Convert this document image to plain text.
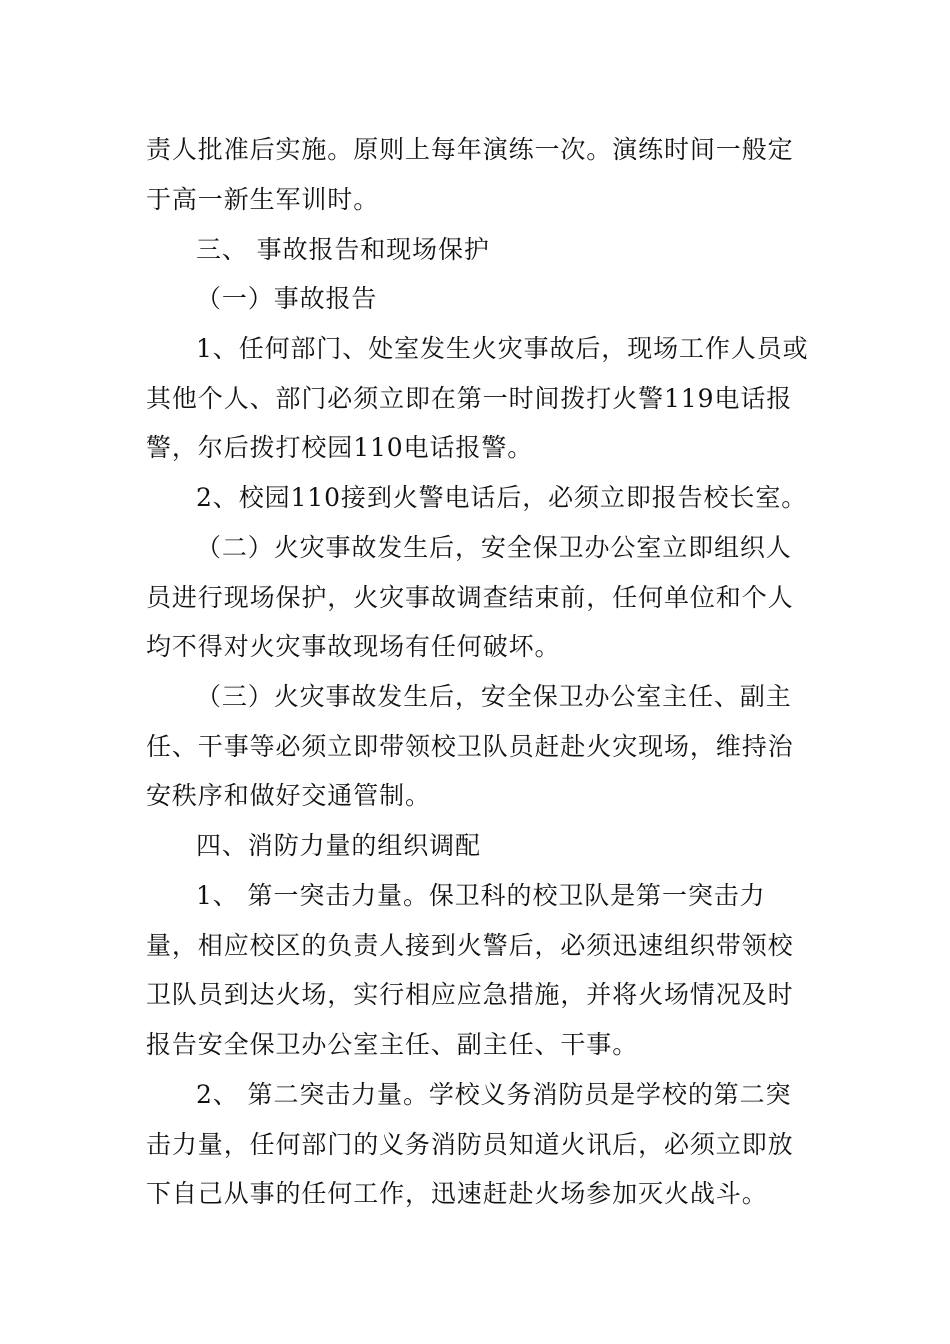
责人批准后实施。原则上每年演练一次。演练时间一般定于高一新生军训时。

三、 事故报告和现场保护

（一）事故报告

1、任何部门、处室发生火灾事故后，现场工作人员或其他个人、部门必须立即在第一时间拨打火警119电话报警，尔后拨打校园110电话报警。

2、校园110接到火警电话后，必须立即报告校长室。

（二）火灾事故发生后，安全保卫办公室立即组织人员进行现场保护，火灾事故调查结束前，任何单位和个人均不得对火灾事故现场有任何破坏。

（三）火灾事故发生后，安全保卫办公室主任、副主任、干事等必须立即带领校卫队员赶赴火灾现场，维持治安秩序和做好交通管制。

四、消防力量的组织调配

1、 第一突击力量。保卫科的校卫队是第一突击力量，相应校区的负责人接到火警后，必须迅速组织带领校卫队员到达火场，实行相应应急措施，并将火场情况及时报告安全保卫办公室主任、副主任、干事。

2、 第二突击力量。学校义务消防员是学校的第二突击力量，任何部门的义务消防员知道火讯后，必须立即放下自己从事的任何工作，迅速赶赴火场参加灭火战斗。
